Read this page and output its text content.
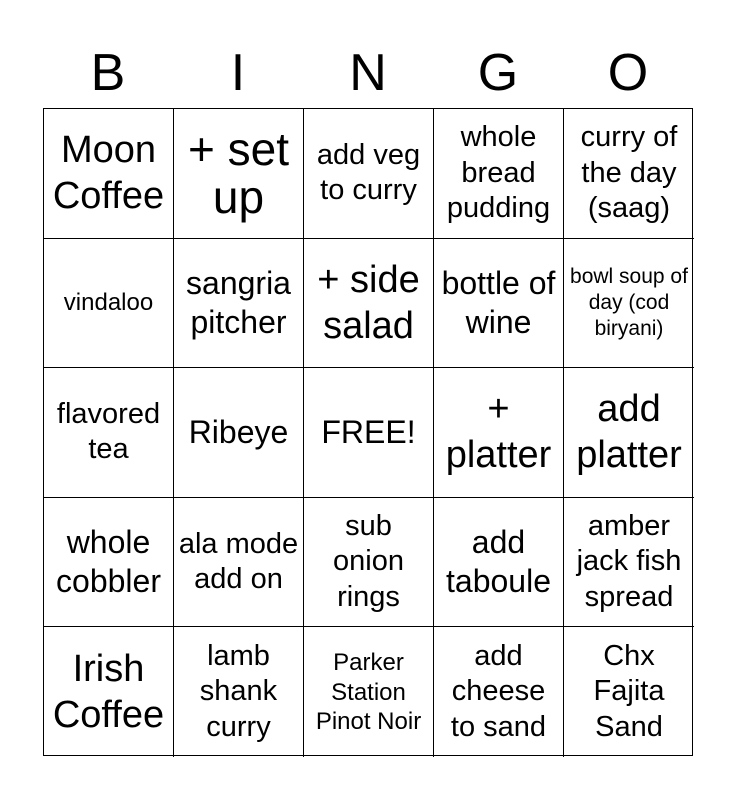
B	I	N	G	O
Moon Coffee
+ set up
add veg to curry
whole bread pudding
curry of the day (saag)
vindaloo
sangria pitcher
+ side salad
bottle of wine
bowl soup of day (cod biryani)
flavored tea	Ribeye FREE!
+ platter
add platter
whole cobbler
ala mode add on
sub onion rings
add taboule
amber jack fish spread
Irish Coffee
lamb shank curry
Parker Station Pinot Noir
add cheese to sand
Chx Fajita Sand
